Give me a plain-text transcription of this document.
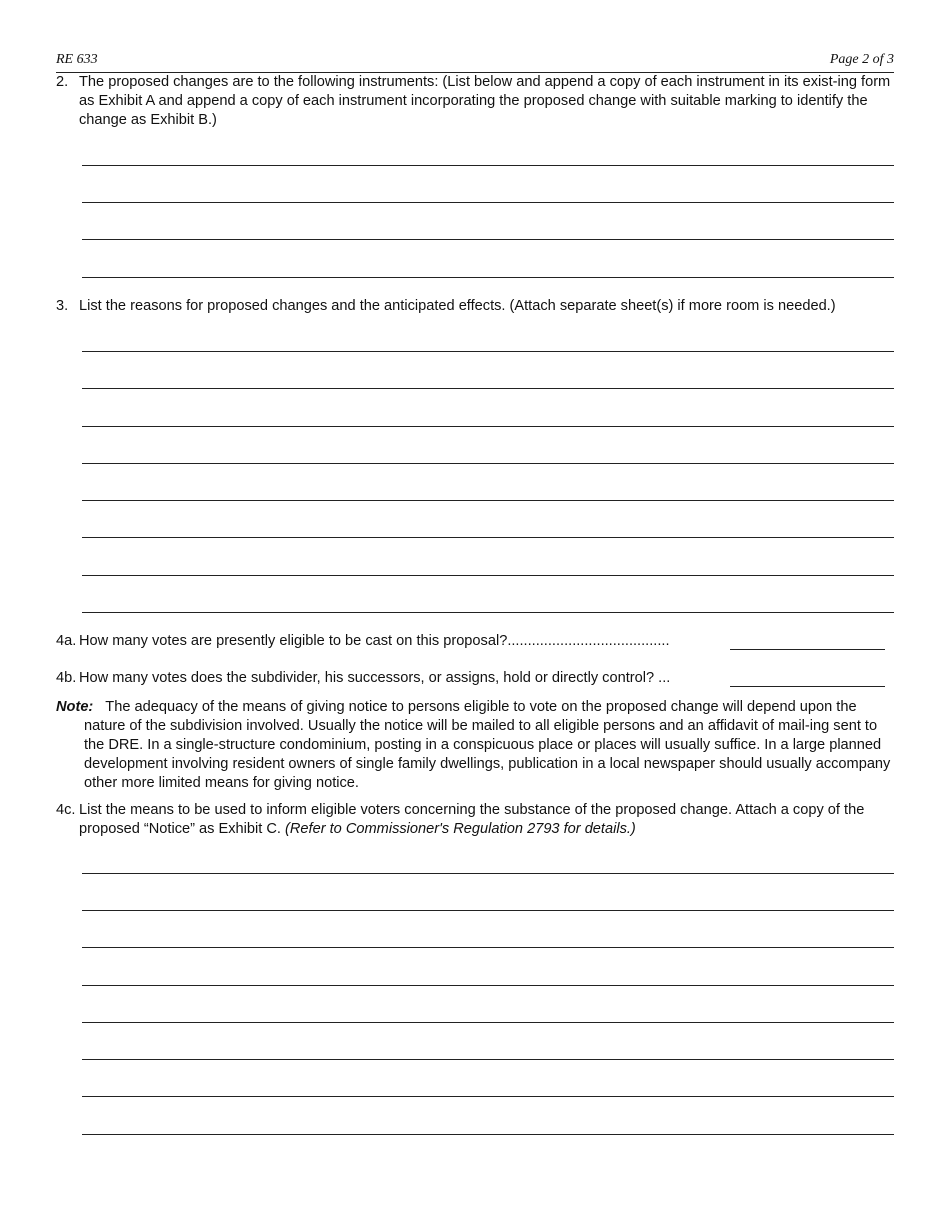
RE 633	Page 2 of 3
2. The proposed changes are to the following instruments: (List below and append a copy of each instrument in its exist-ing form as Exhibit A and append a copy of each instrument incorporating the proposed change with suitable marking to identify the change as Exhibit B.)
3. List the reasons for proposed changes and the anticipated effects. (Attach separate sheet(s) if more room is needed.)
4a. How many votes are presently eligible to be cast on this proposal?........................................
4b. How many votes does the subdivider, his successors, or assigns, hold or directly control? ...
Note: The adequacy of the means of giving notice to persons eligible to vote on the proposed change will depend upon the nature of the subdivision involved. Usually the notice will be mailed to all eligible persons and an affidavit of mail-ing sent to the DRE. In a single-structure condominium, posting in a conspicuous place or places will usually suffice. In a large planned development involving resident owners of single family dwellings, publication in a local newspaper should usually accompany other more limited means for giving notice.
4c. List the means to be used to inform eligible voters concerning the substance of the proposed change. Attach a copy of the proposed “Notice” as Exhibit C. (Refer to Commissioner's Regulation 2793 for details.)
